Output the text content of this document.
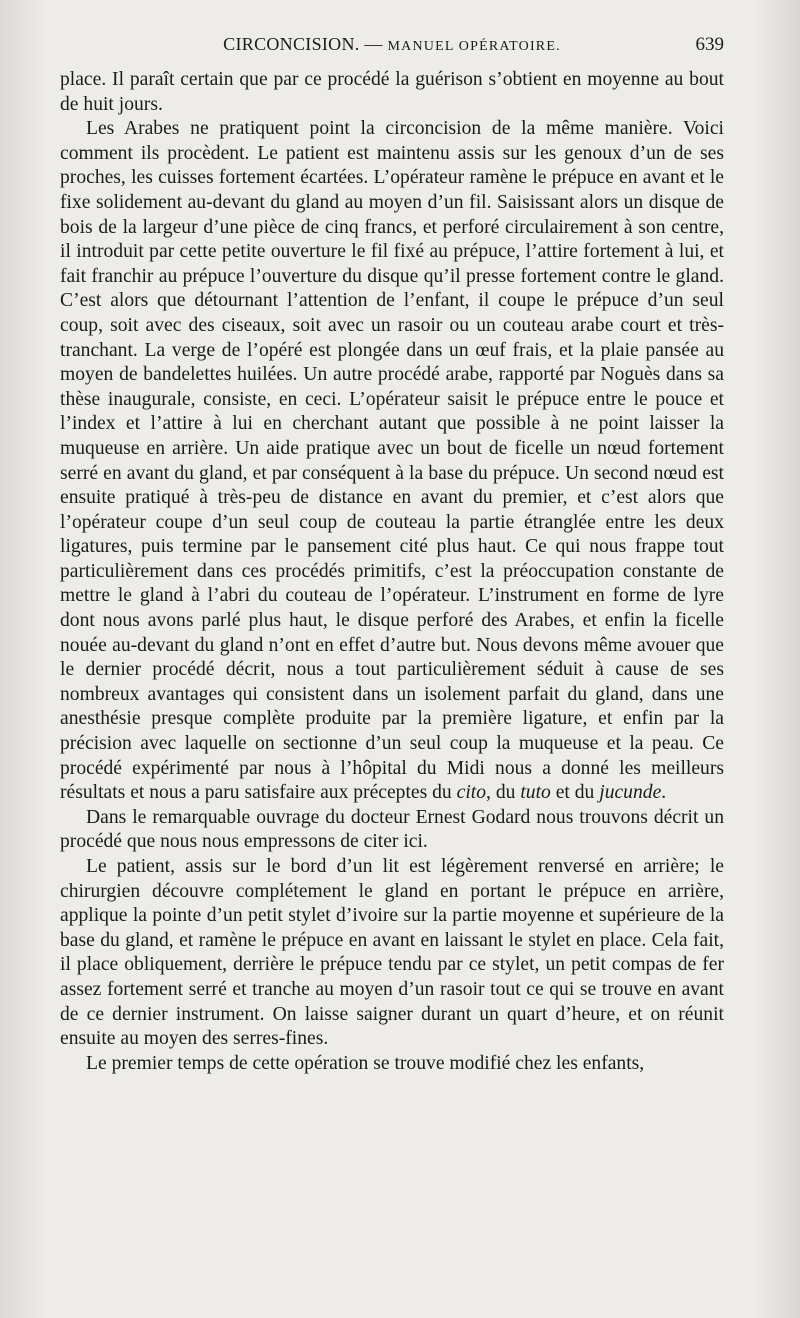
CIRCONCISION. — MANUEL OPÉRATOIRE.	639

place. Il paraît certain que par ce procédé la guérison s’obtient en moyenne au bout de huit jours.

Les Arabes ne pratiquent point la circoncision de la même manière. Voici comment ils procèdent. Le patient est maintenu assis sur les genoux d’un de ses proches, les cuisses fortement écartées. L’opérateur ramène le prépuce en avant et le fixe solidement au-devant du gland au moyen d’un fil. Saisissant alors un disque de bois de la largeur d’une pièce de cinq francs, et perforé circulairement à son centre, il introduit par cette petite ouverture le fil fixé au prépuce, l’attire fortement à lui, et fait franchir au prépuce l’ouverture du disque qu’il presse fortement contre le gland. C’est alors que détournant l’attention de l’enfant, il coupe le prépuce d’un seul coup, soit avec des ciseaux, soit avec un rasoir ou un couteau arabe court et très-tranchant. La verge de l’opéré est plongée dans un œuf frais, et la plaie pansée au moyen de bandelettes huilées. Un autre procédé arabe, rapporté par Noguès dans sa thèse inaugurale, consiste, en ceci. L’opérateur saisit le prépuce entre le pouce et l’index et l’attire à lui en cherchant autant que possible à ne point laisser la muqueuse en arrière. Un aide pratique avec un bout de ficelle un nœud fortement serré en avant du gland, et par conséquent à la base du prépuce. Un second nœud est ensuite pratiqué à très-peu de distance en avant du premier, et c’est alors que l’opérateur coupe d’un seul coup de couteau la partie étranglée entre les deux ligatures, puis termine par le pansement cité plus haut. Ce qui nous frappe tout particulièrement dans ces procédés primitifs, c’est la préoccupation constante de mettre le gland à l’abri du couteau de l’opérateur. L’instrument en forme de lyre dont nous avons parlé plus haut, le disque perforé des Arabes, et enfin la ficelle nouée au-devant du gland n’ont en effet d’autre but. Nous devons même avouer que le dernier procédé décrit, nous a tout particulièrement séduit à cause de ses nombreux avantages qui consistent dans un isolement parfait du gland, dans une anesthésie presque complète produite par la première ligature, et enfin par la précision avec laquelle on sectionne d’un seul coup la muqueuse et la peau. Ce procédé expérimenté par nous à l’hôpital du Midi nous a donné les meilleurs résultats et nous a paru satisfaire aux préceptes du cito, du tuto et du jucunde.

Dans le remarquable ouvrage du docteur Ernest Godard nous trouvons décrit un procédé que nous nous empressons de citer ici.

Le patient, assis sur le bord d’un lit est légèrement renversé en arrière; le chirurgien découvre complétement le gland en portant le prépuce en arrière, applique la pointe d’un petit stylet d’ivoire sur la partie moyenne et supérieure de la base du gland, et ramène le prépuce en avant en laissant le stylet en place. Cela fait, il place obliquement, derrière le prépuce tendu par ce stylet, un petit compas de fer assez fortement serré et tranche au moyen d’un rasoir tout ce qui se trouve en avant de ce dernier instrument. On laisse saigner durant un quart d’heure, et on réunit ensuite au moyen des serres-fines.

Le premier temps de cette opération se trouve modifié chez les enfants,
